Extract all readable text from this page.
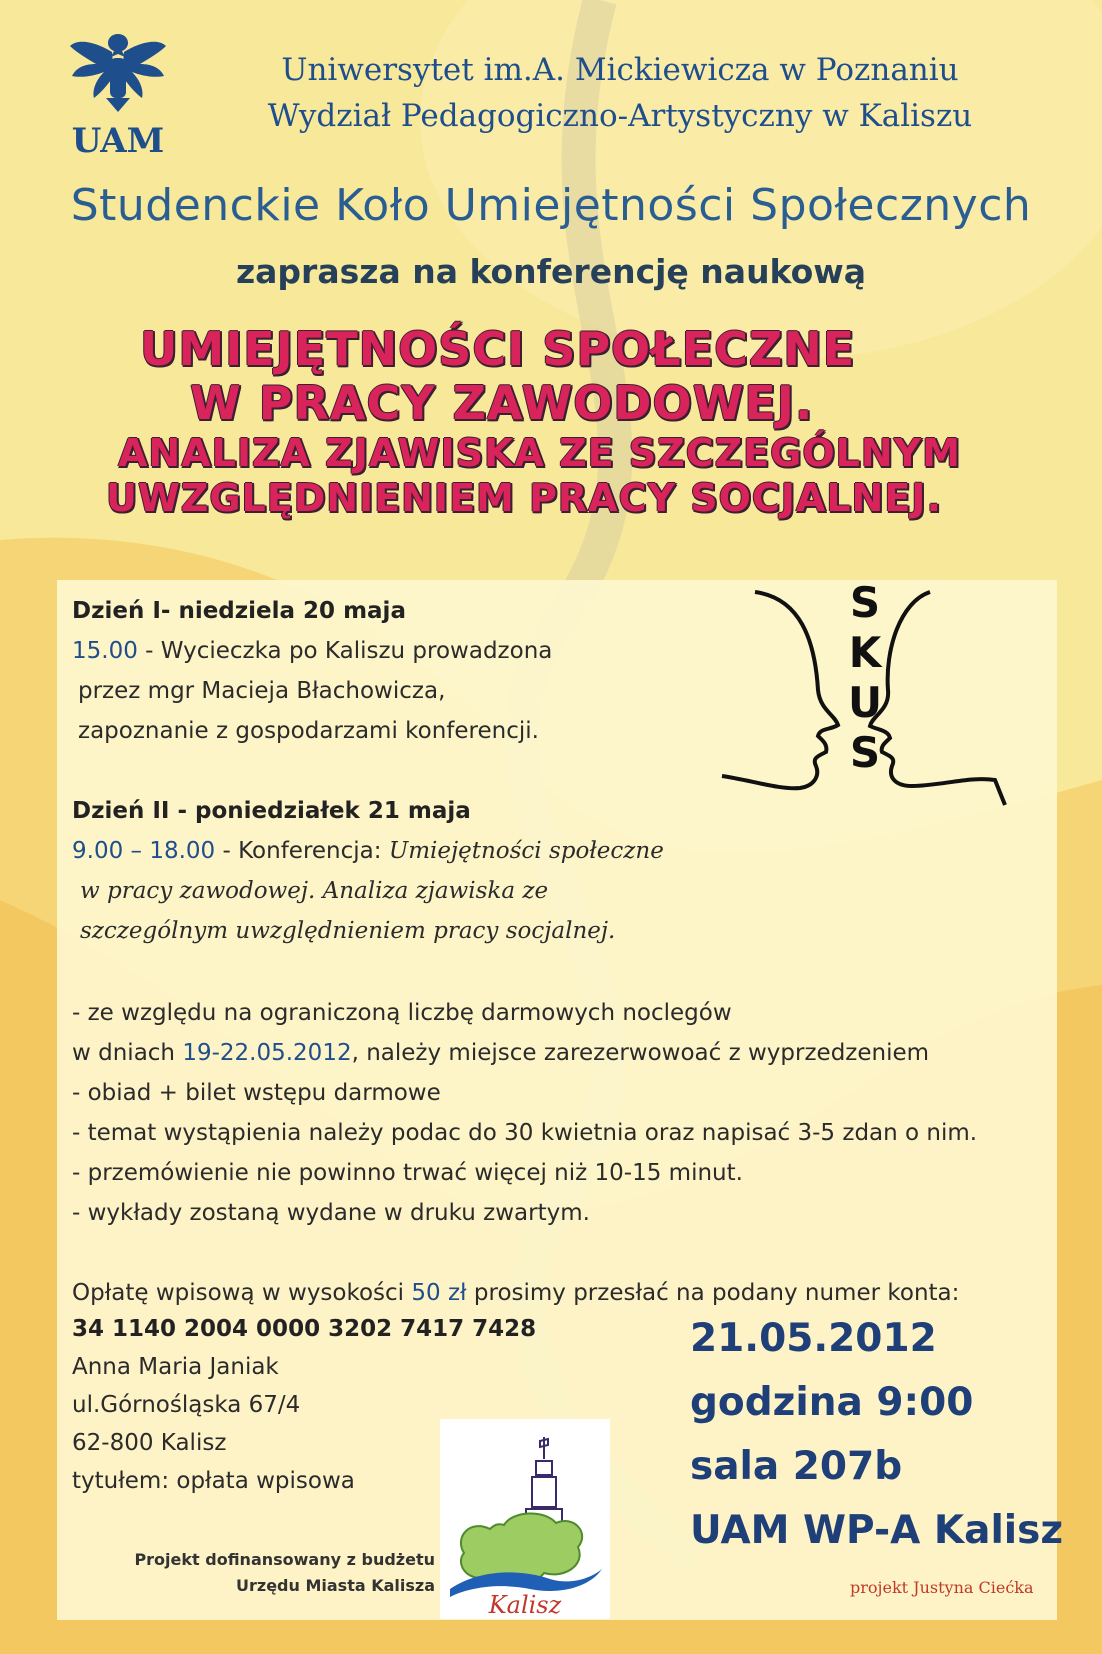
UAM
Uniwersytet im.A. Mickiewicza w Poznaniu
Wydział Pedagogiczno-Artystyczny w Kaliszu
Studenckie Koło Umiejętności Społecznych
zaprasza na konferencję naukową
UMIEJĘTNOŚCI SPOŁECZNE
W PRACY ZAWODOWEJ.
ANALIZA ZJAWISKA ZE SZCZEGÓLNYM
UWZGLĘDNIENIEM PRACY SOCJALNEJ.
Dzień I- niedziela 20 maja
15.00 - Wycieczka po Kaliszu prowadzona
przez mgr Macieja Błachowicza,
zapoznanie z gospodarzami konferencji.
Dzień II - poniedziałek 21 maja
9.00 – 18.00 - Konferencja: Umiejętności społeczne
w pracy zawodowej. Analiza zjawiska ze
szczególnym uwzględnieniem pracy socjalnej.
- ze względu na ograniczoną liczbę darmowych noclegów
w dniach 19-22.05.2012, należy miejsce zarezerwowoać z wyprzedzeniem
- obiad + bilet wstępu darmowe
- temat wystąpienia należy podac do 30 kwietnia oraz napisać 3-5 zdan o nim.
- przemówienie nie powinno trwać więcej niż 10-15 minut.
- wykłady zostaną wydane w druku zwartym.
Opłatę wpisową w wysokości 50 zł prosimy przesłać na podany numer konta:
34 1140 2004 0000 3202 7417 7428
Anna Maria Janiak
ul.Górnośląska 67/4
62-800 Kalisz
tytułem: opłata wpisowa
S
K
U
S
21.05.2012
godzina 9:00
sala 207b
UAM WP-A Kalisz
Kalisz
Projekt dofinansowany z budżetu
Urzędu Miasta Kalisza	projekt Justyna Ciećka
